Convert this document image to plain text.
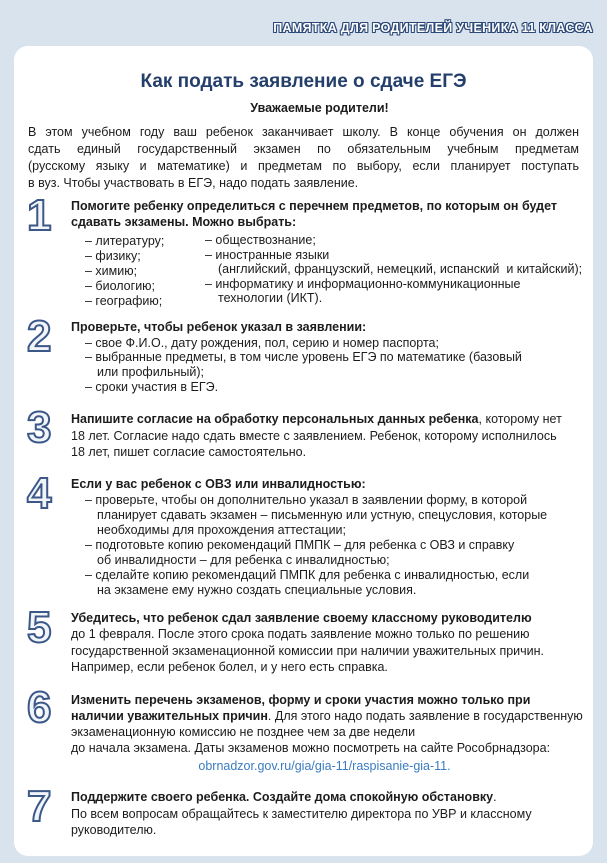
ПАМЯТКА ДЛЯ РОДИТЕЛЕЙ УЧЕНИКА 11 КЛАССА
Как подать заявление о сдаче ЕГЭ
Уважаемые родители!
В этом учебном году ваш ребенок заканчивает школу. В конце обучения он должен
сдать единый государственный экзамен по обязательным учебным предметам
(русскому языку и математике) и предметам по выбору, если планирует поступать
в вуз. Чтобы участвовать в ЕГЭ, надо подать заявление.
1	Помогите ребенку определиться с перечнем предметов, по которым он будет
сдавать экзамены. Можно выбрать:
– литературу;
– физику;
– химию;
– биологию;
– географию;
– обществознание;
– иностранные языки
(английский, французский, немецкий, испанский  и китайский);
– информатику и информационно-коммуникационные
технологии (ИКТ).
2	Проверьте, чтобы ребенок указал в заявлении:
– свое Ф.И.О., дату рождения, пол, серию и номер паспорта;
– выбранные предметы, в том числе уровень ЕГЭ по математике (базовый
или профильный);
– сроки участия в ЕГЭ.
3	Напишите согласие на обработку персональных данных ребенка, которому нет
18 лет. Согласие надо сдать вместе с заявлением. Ребенок, которому исполнилось
18 лет, пишет согласие самостоятельно.
4	Если у вас ребенок с ОВЗ или инвалидностью:
– проверьте, чтобы он дополнительно указал в заявлении форму, в которой
планирует сдавать экзамен – письменную или устную, спецусловия, которые
необходимы для прохождения аттестации;
– подготовьте копию рекомендаций ПМПК – для ребенка с ОВЗ и справку
об инвалидности – для ребенка с инвалидностью;
– сделайте копию рекомендаций ПМПК для ребенка с инвалидностью, если
на экзамене ему нужно создать специальные условия.
5	Убедитесь, что ребенок сдал заявление своему классному руководителю
до 1 февраля. После этого срока подать заявление можно только по решению
государственной экзаменационной комиссии при наличии уважительных причин.
Например, если ребенок болел, и у него есть справка.
6	Изменить перечень экзаменов, форму и сроки участия можно только при
наличии уважительных причин. Для этого надо подать заявление в государственную
экзаменационную комиссию не позднее чем за две недели
до начала экзамена. Даты экзаменов можно посмотреть на сайте Рособрнадзора:
obrnadzor.gov.ru/gia/gia-11/raspisanie-gia-11.
7	Поддержите своего ребенка. Создайте дома спокойную обстановку.
По всем вопросам обращайтесь к заместителю директора по УВР и классному
руководителю.
